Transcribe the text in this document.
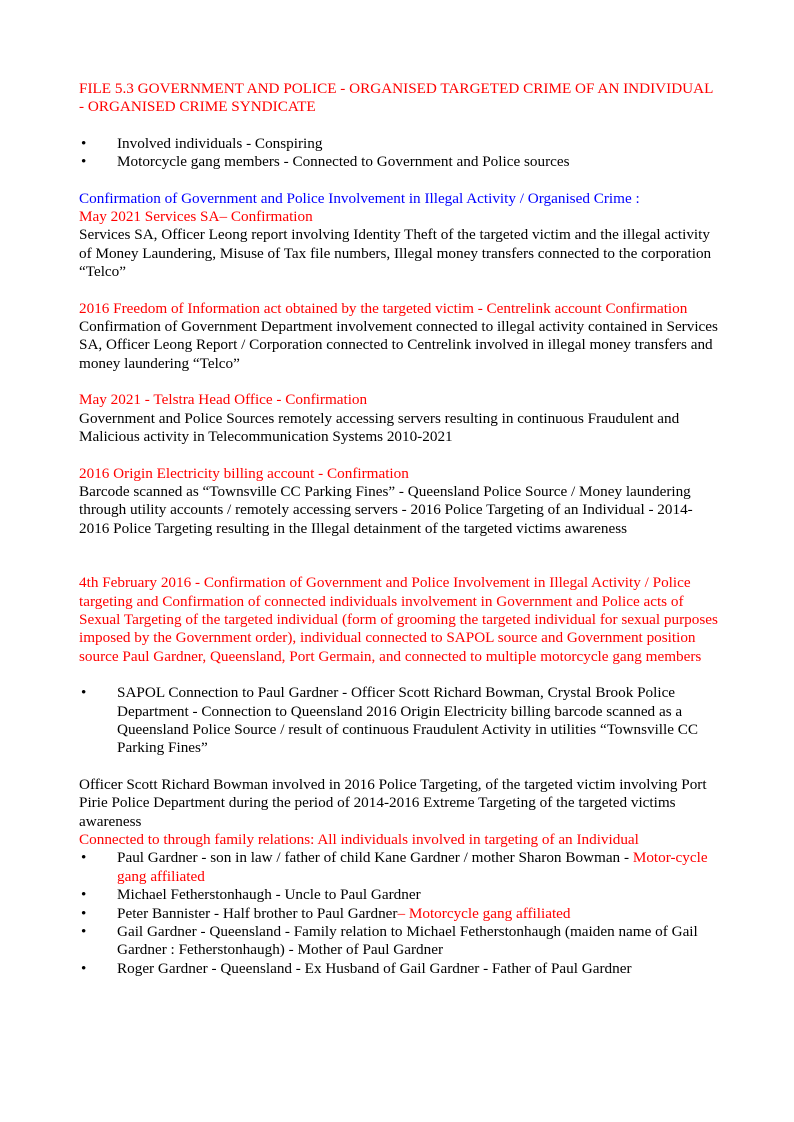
FILE 5.3 GOVERNMENT AND POLICE - ORGANISED TARGETED CRIME OF AN INDIVIDUAL - ORGANISED CRIME SYNDICATE

• Involved individuals - Conspiring
• Motorcycle gang members - Connected to Government and Police sources

Confirmation of Government and Police Involvement in Illegal Activity / Organised Crime :

May 2021 Services SA– Confirmation

Services SA, Officer Leong report involving Identity Theft of the targeted victim and the illegal activity of Money Laundering, Misuse of Tax file numbers, Illegal money transfers connected to the corporation “Telco”

2016 Freedom of Information act obtained by the targeted victim - Centrelink account Confirmation

Confirmation of Government Department involvement connected to illegal activity contained in Services SA, Officer Leong Report / Corporation connected to Centrelink involved in illegal money transfers and money laundering “Telco”

May 2021 - Telstra Head Office - Confirmation

Government and Police Sources remotely accessing servers resulting in continuous Fraudulent and Malicious activity in Telecommunication Systems 2010-2021

2016 Origin Electricity billing account - Confirmation

Barcode scanned as “Townsville CC Parking Fines” - Queensland Police Source / Money laundering through utility accounts / remotely accessing servers - 2016 Police Targeting of an Individual - 2014-2016 Police Targeting resulting in the Illegal detainment of the targeted victims awareness

4th February 2016 - Confirmation of Government and Police Involvement in Illegal Activity / Police targeting and Confirmation of connected individuals involvement in Government and Police acts of Sexual Targeting of the targeted individual (form of grooming the targeted individual for sexual purposes imposed by the Government order), individual connected to SAPOL source and Government position source Paul Gardner, Queensland, Port Germain, and connected to multiple motorcycle gang members

• SAPOL Connection to Paul Gardner - Officer Scott Richard Bowman, Crystal Brook Police Department - Connection to Queensland 2016 Origin Electricity billing barcode scanned as a Queensland Police Source / result of continuous Fraudulent Activity in utilities “Townsville CC Parking Fines”

Officer Scott Richard Bowman involved in 2016 Police Targeting, of the targeted victim involving Port Pirie Police Department during the period of 2014-2016 Extreme Targeting of the targeted victims awareness

Connected to through family relations: All individuals involved in targeting of an Individual

• Paul Gardner - son in law / father of child Kane Gardner / mother Sharon Bowman - Motor-cycle gang affiliated
• Michael Fetherstonhaugh - Uncle to Paul Gardner
• Peter Bannister - Half brother to Paul Gardner– Motorcycle gang affiliated
• Gail Gardner - Queensland - Family relation to Michael Fetherstonhaugh (maiden name of Gail Gardner : Fetherstonhaugh) - Mother of Paul Gardner
• Roger Gardner - Queensland - Ex Husband of Gail Gardner - Father of Paul Gardner
